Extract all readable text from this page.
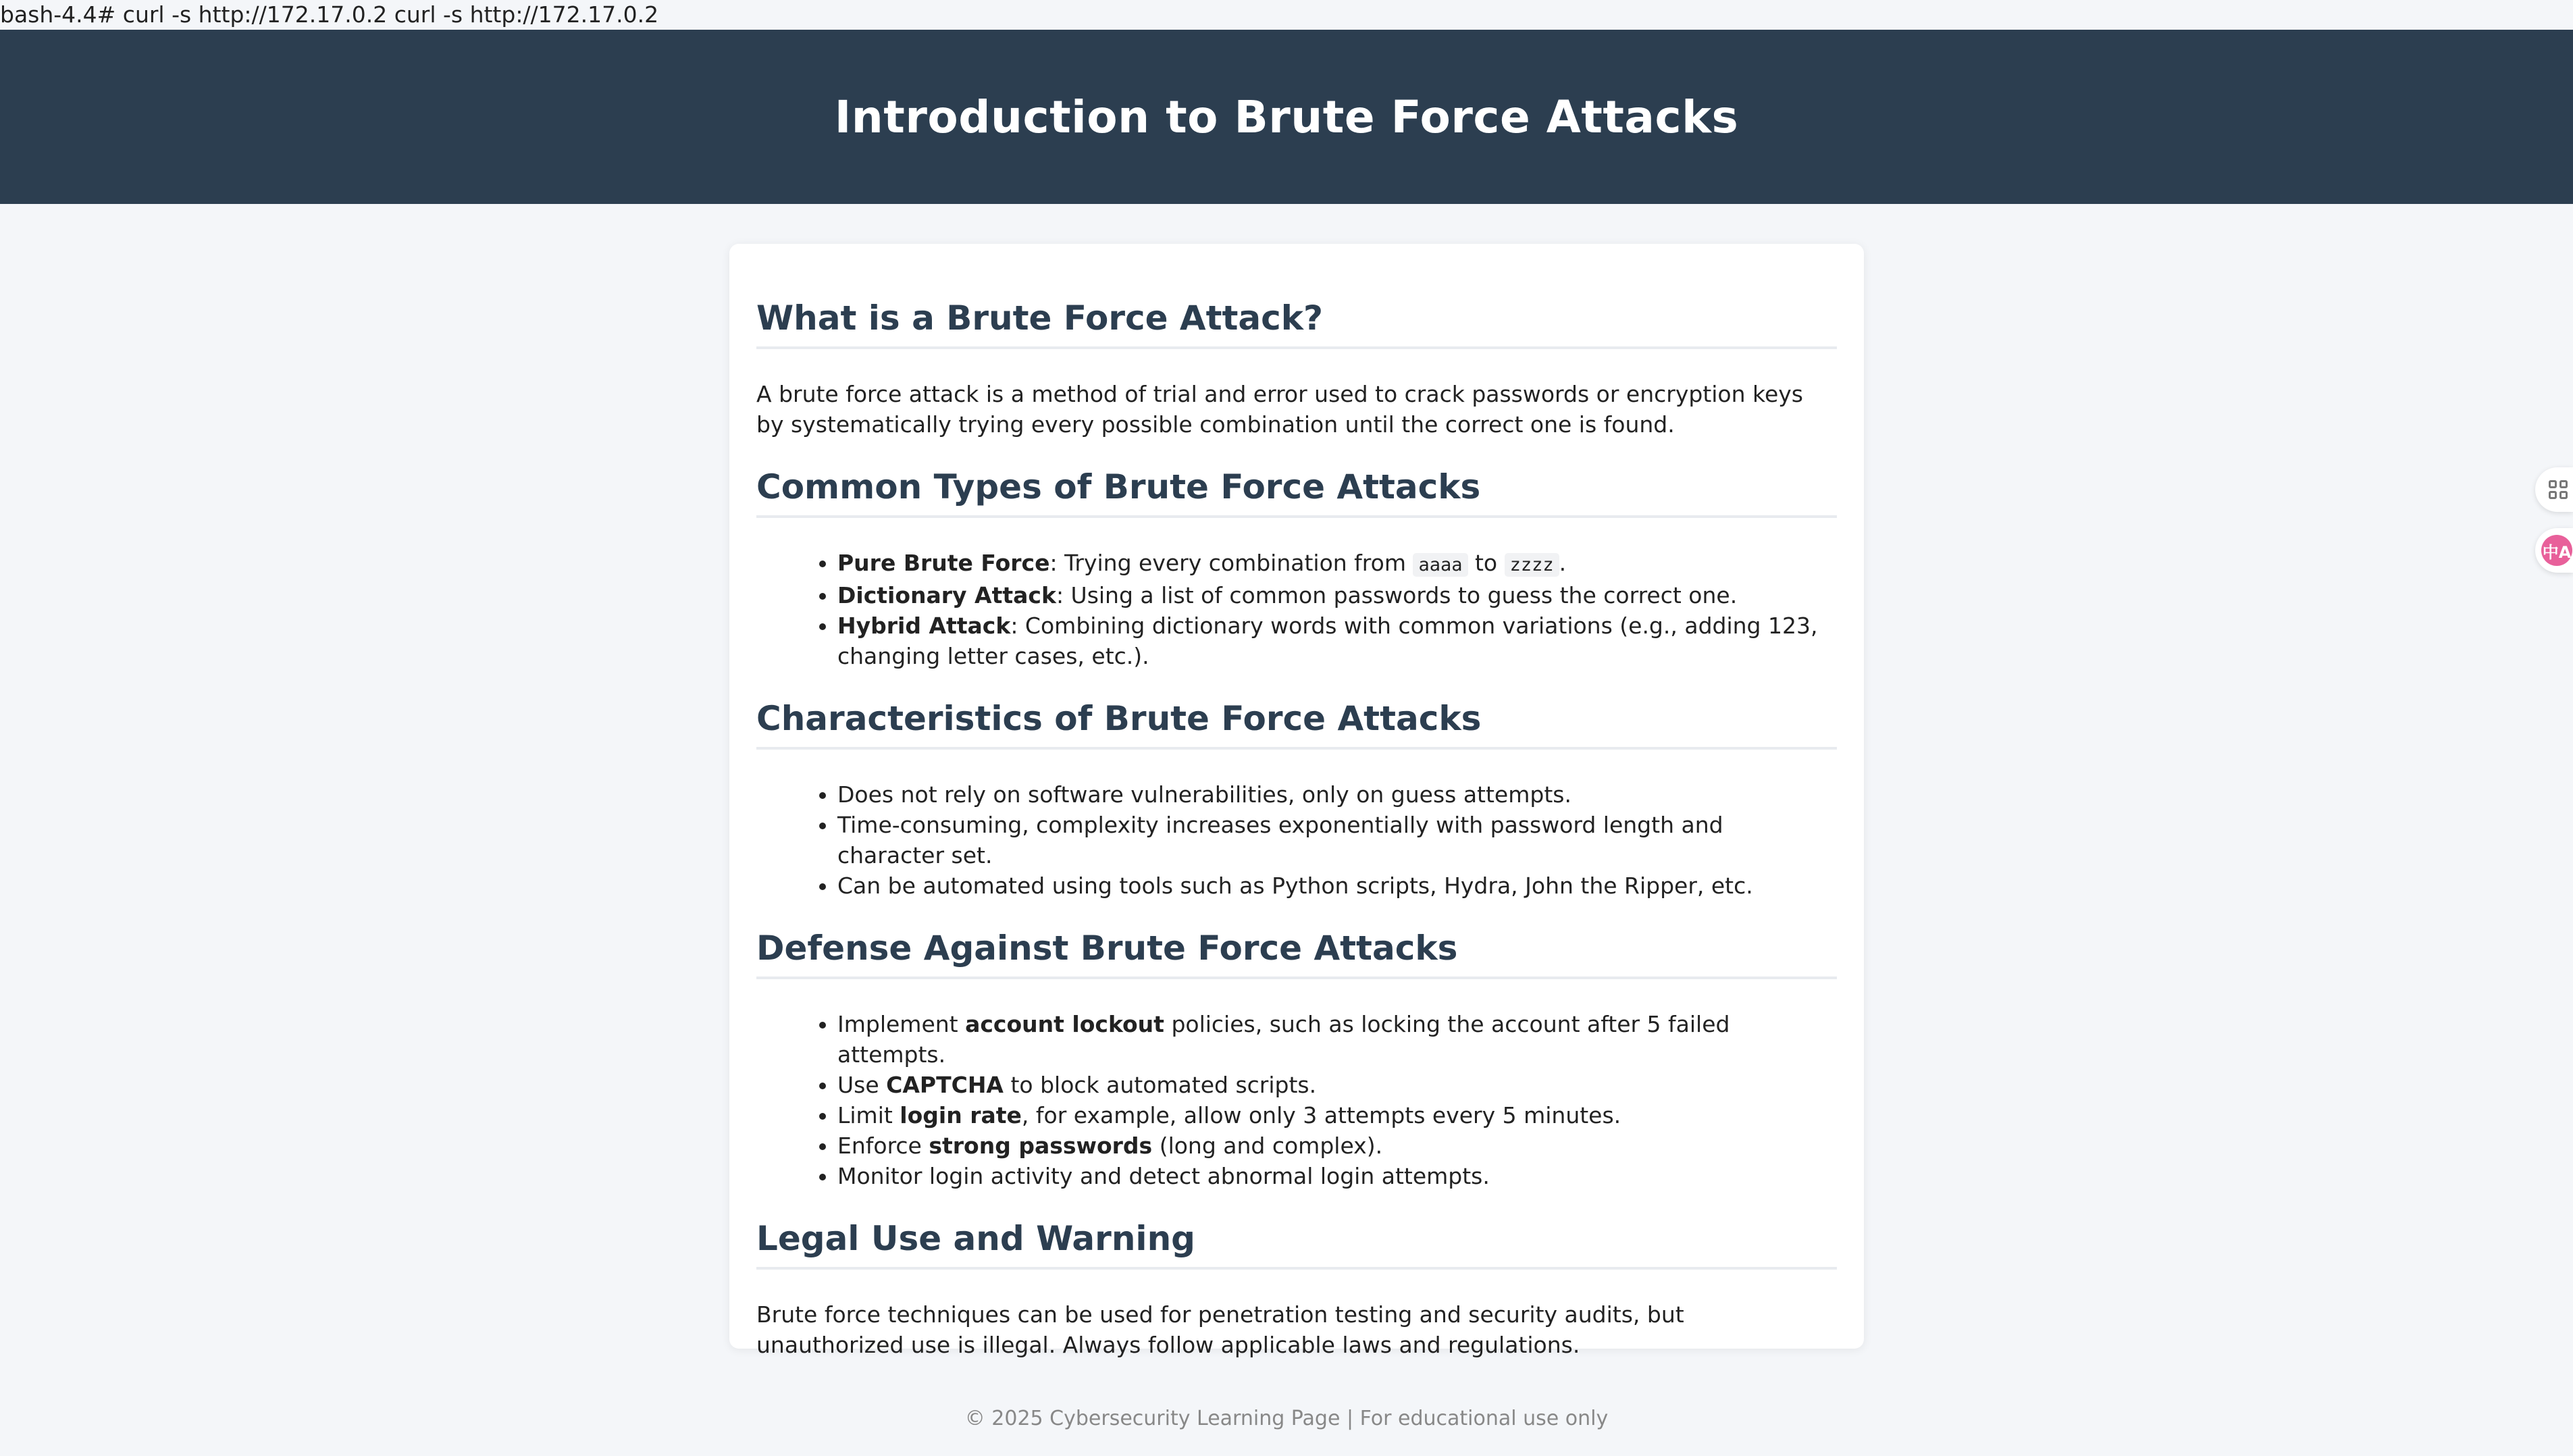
bash-4.4# curl -s http://172.17.0.2 curl -s http://172.17.0.2
Introduction to Brute Force Attacks
What is a Brute Force Attack?

A brute force attack is a method of trial and error used to crack passwords or encryption keys by systematically trying every possible combination until the correct one is found.

Common Types of Brute Force Attacks
• Pure Brute Force: Trying every combination from aaaa to zzzz .
• Dictionary Attack: Using a list of common passwords to guess the correct one.
• Hybrid Attack: Combining dictionary words with common variations (e.g., adding 123, changing letter cases, etc.).
Characteristics of Brute Force Attacks
• Does not rely on software vulnerabilities, only on guess attempts.
• Time-consuming, complexity increases exponentially with password length and character set.
• Can be automated using tools such as Python scripts, Hydra, John the Ripper, etc.
Defense Against Brute Force Attacks
• Implement account lockout policies, such as locking the account after 5 failed attempts.
• Use CAPTCHA to block automated scripts.
• Limit login rate, for example, allow only 3 attempts every 5 minutes.
• Enforce strong passwords (long and complex).
• Monitor login activity and detect abnormal login attempts.
Legal Use and Warning

Brute force techniques can be used for penetration testing and security audits, but unauthorized use is illegal. Always follow applicable laws and regulations.

© 2025 Cybersecurity Learning Page | For educational use only
中A
